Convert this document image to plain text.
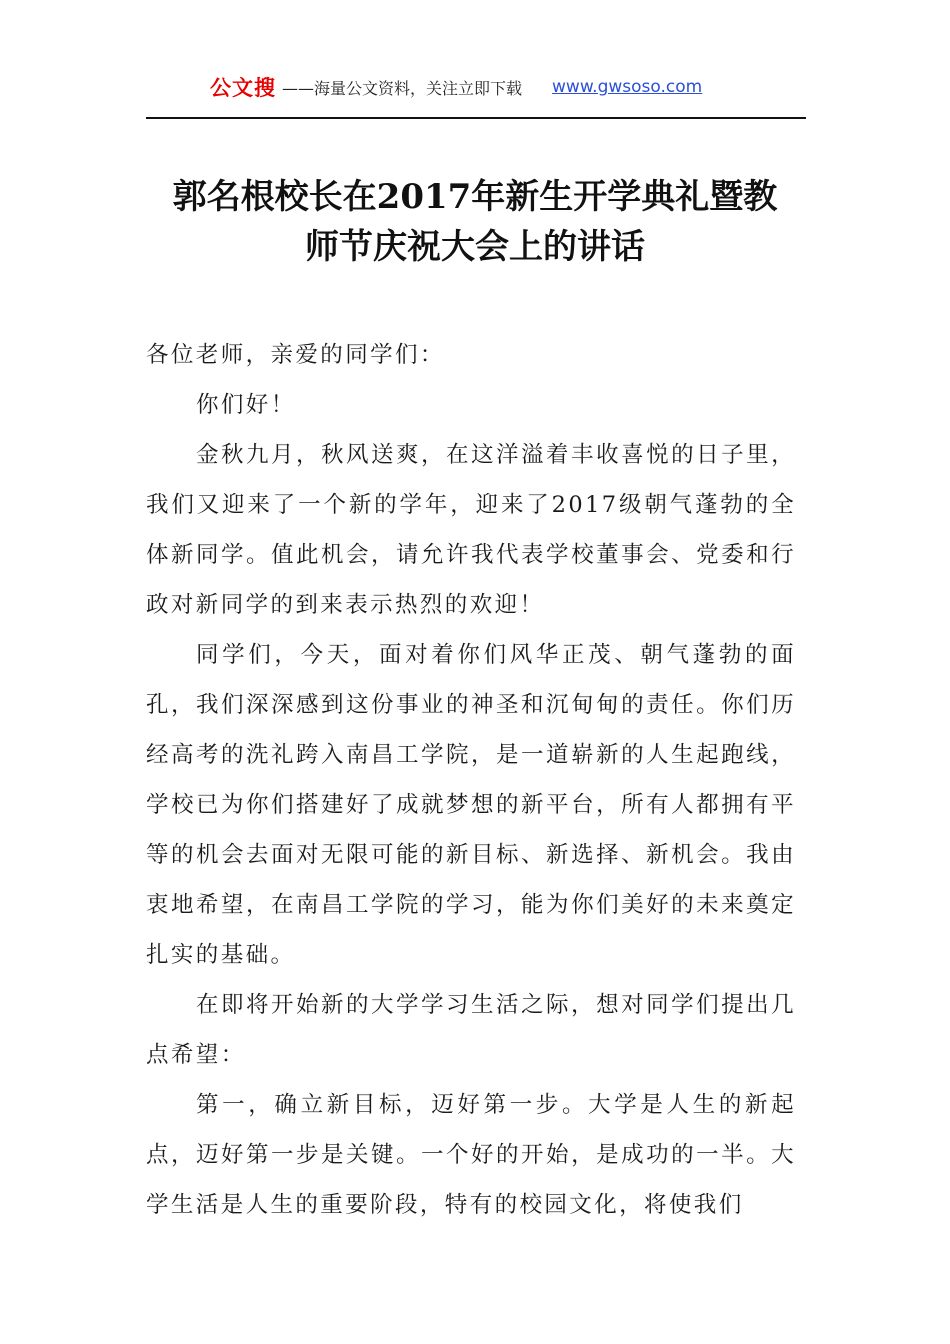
公文搜 ——海量公文资料，关注立即下载 www.gwsoso.com
郭名根校长在2017年新生开学典礼暨教
师节庆祝大会上的讲话

各位老师，亲爱的同学们：

你们好！

金秋九月，秋风送爽，在这洋溢着丰收喜悦的日子里，我们又迎来了一个新的学年，迎来了2017级朝气蓬勃的全体新同学。值此机会，请允许我代表学校董事会、党委和行政对新同学的到来表示热烈的欢迎！

同学们，今天，面对着你们风华正茂、朝气蓬勃的面孔，我们深深感到这份事业的神圣和沉甸甸的责任。你们历经高考的洗礼跨入南昌工学院，是一道崭新的人生起跑线，学校已为你们搭建好了成就梦想的新平台，所有人都拥有平等的机会去面对无限可能的新目标、新选择、新机会。我由衷地希望，在南昌工学院的学习，能为你们美好的未来奠定扎实的基础。

在即将开始新的大学学习生活之际，想对同学们提出几点希望：

第一，确立新目标，迈好第一步。大学是人生的新起点，迈好第一步是关键。一个好的开始，是成功的一半。大学生活是人生的重要阶段，特有的校园文化，将使我们
